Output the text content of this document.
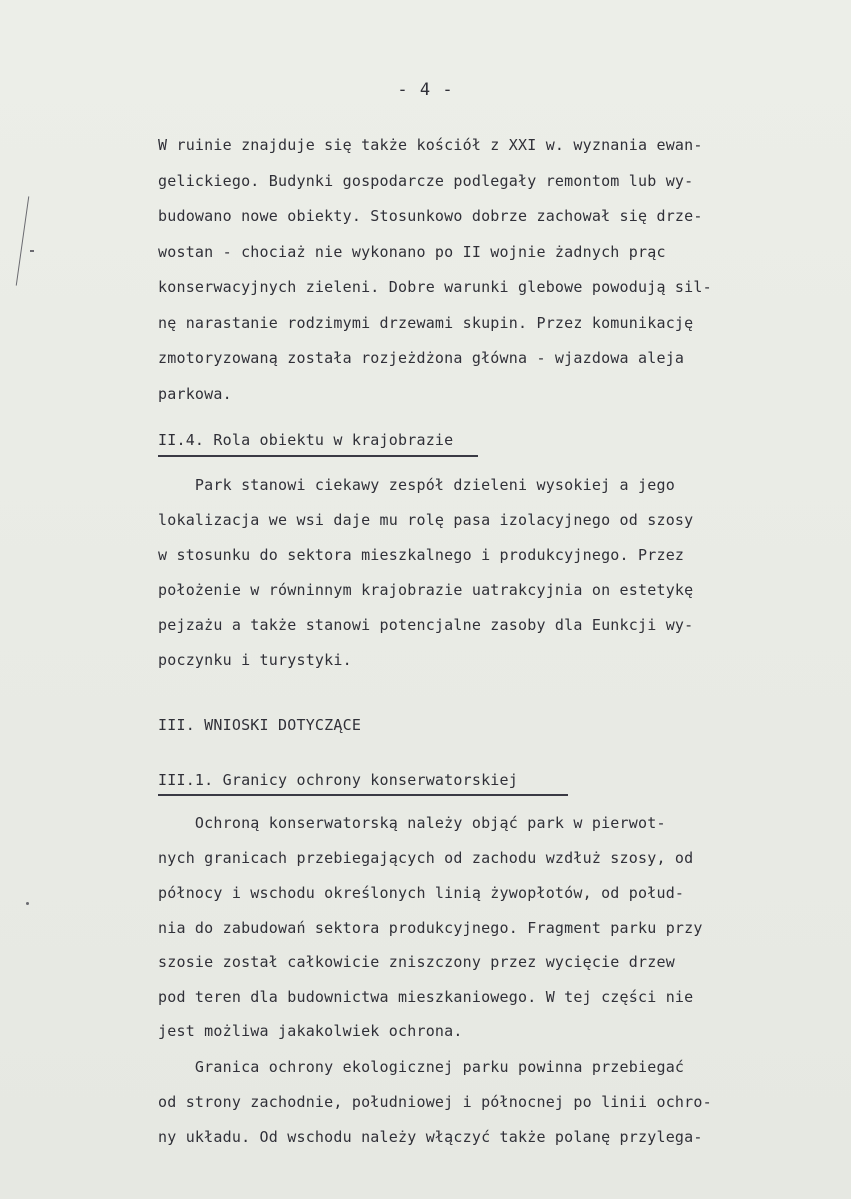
- 4 -
W ruinie znajduje się także kościół z XXI w. wyznania ewan-
gelickiego. Budynki gospodarcze podlegały remontom lub wy-
budowano nowe obiekty. Stosunkowo dobrze zachował się drze-
wostan - chociaż nie wykonano po II wojnie żadnych prąc
konserwacyjnych zieleni. Dobre warunki glebowe powodują sil-
nę narastanie rodzimymi drzewami skupin. Przez komunikację
zmotoryzowaną została rozjeżdżona główna - wjazdowa aleja
parkowa.
II.4. Rola obiektu w krajobrazie
Park stanowi ciekawy zespół dzieleni wysokiej a jego
lokalizacja we wsi daje mu rolę pasa izolacyjnego od szosy
w stosunku do sektora mieszkalnego i produkcyjnego. Przez
położenie w równinnym krajobrazie uatrakcyjnia on estetykę
pejzażu a także stanowi potencjalne zasoby dla Eunkcji wy-
poczynku i turystyki.
III. WNIOSKI DOTYCZĄCE
III.1. Granicy ochrony konserwatorskiej
Ochroną konserwatorską należy objąć park w pierwot-
nych granicach przebiegających od zachodu wzdłuż szosy, od
północy i wschodu określonych linią żywopłotów, od połud-
nia do zabudowań sektora produkcyjnego. Fragment parku przy
szosie został całkowicie zniszczony przez wycięcie drzew
pod teren dla budownictwa mieszkaniowego. W tej części nie
jest możliwa jakakolwiek ochrona.
Granica ochrony ekologicznej parku powinna przebiegać
od strony zachodnie, południowej i północnej po linii ochro-
ny układu. Od wschodu należy włączyć także polanę przylega-
